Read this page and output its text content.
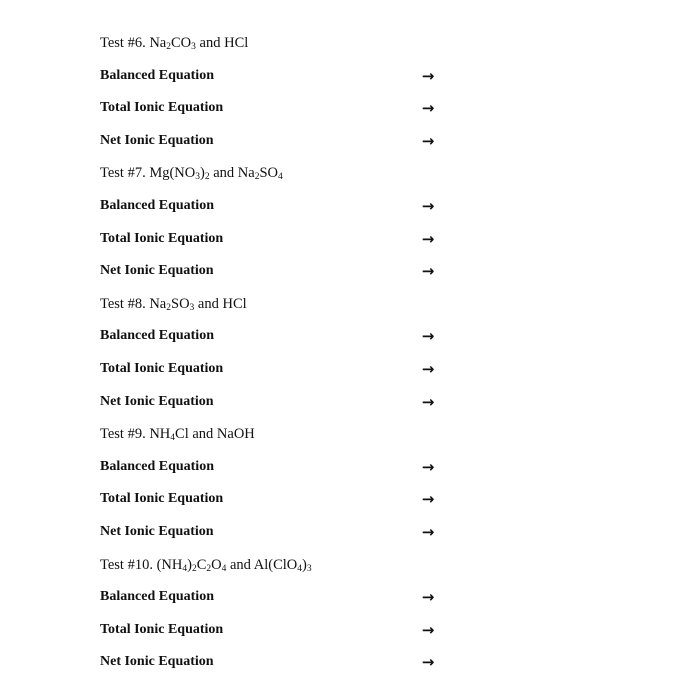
Test #6. $Na_2CO_3$ and HCl
Balanced Equation	→
Total Ionic Equation	→
Net Ionic Equation	→
Test #7. $Mg(NO_3)_2$ and $Na_2SO_4$
Balanced Equation	→
Total Ionic Equation	→
Net Ionic Equation	→
Test #8. $Na_2SO_3$ and HCl
Balanced Equation	→
Total Ionic Equation	→
Net Ionic Equation	→
Test #9. $NH_4Cl$ and NaOH
Balanced Equation	→
Total Ionic Equation	→
Net Ionic Equation	→
Test #10. $(NH_4)_2C_2O_4$ and $Al(ClO_4)_3$
Balanced Equation	→
Total Ionic Equation	→
Net Ionic Equation	→
